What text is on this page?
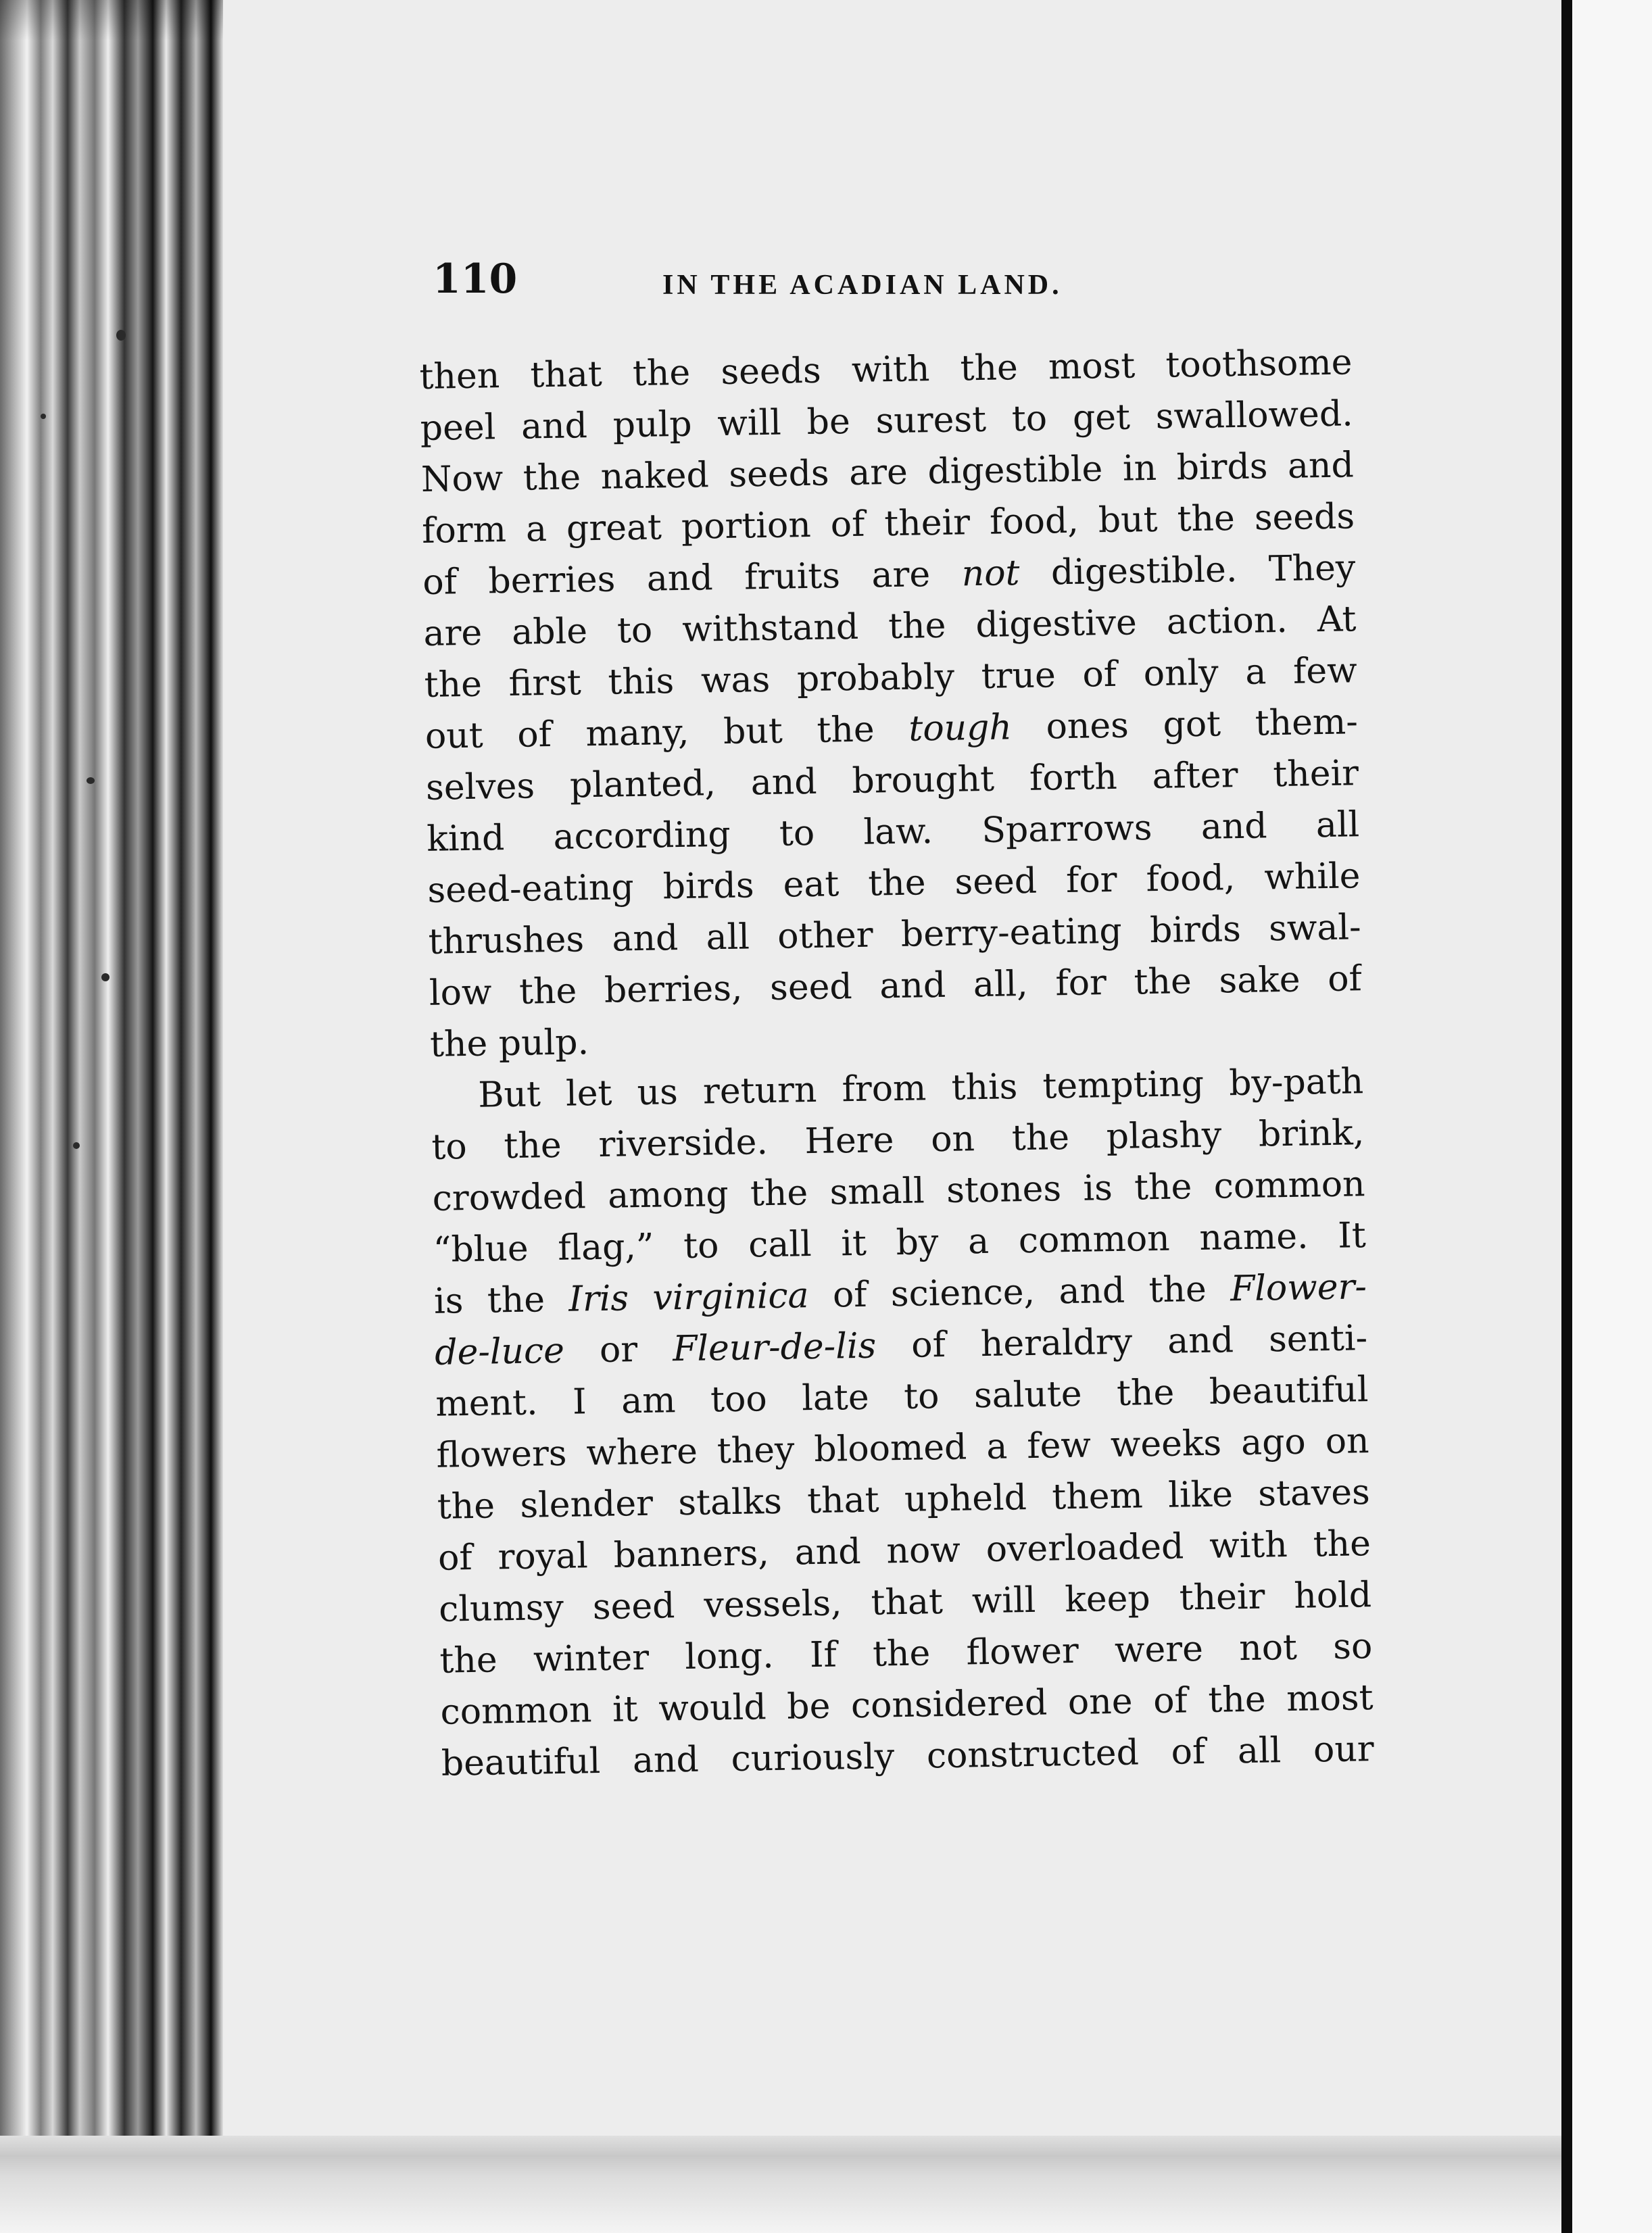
110	IN THE ACADIAN LAND.
then that the seeds with the most toothsome
peel and pulp will be surest to get swallowed.
Now the naked seeds are digestible in birds and
form a great portion of their food, but the seeds
of berries and fruits are not digestible. They
are able to withstand the digestive action. At
the first this was probably true of only a few
out of many, but the tough ones got them-
selves planted, and brought forth after their
kind according to law. Sparrows and all
seed-eating birds eat the seed for food, while
thrushes and all other berry-eating birds swal-
low the berries, seed and all, for the sake of
the pulp.
But let us return from this tempting by-path
to the riverside. Here on the plashy brink,
crowded among the small stones is the common
“blue flag,” to call it by a common name. It
is the Iris virginica of science, and the Flower-
de-luce or Fleur-de-lis of heraldry and senti-
ment. I am too late to salute the beautiful
flowers where they bloomed a few weeks ago on
the slender stalks that upheld them like staves
of royal banners, and now overloaded with the
clumsy seed vessels, that will keep their hold
the winter long. If the flower were not so
common it would be considered one of the most
beautiful and curiously constructed of all our
